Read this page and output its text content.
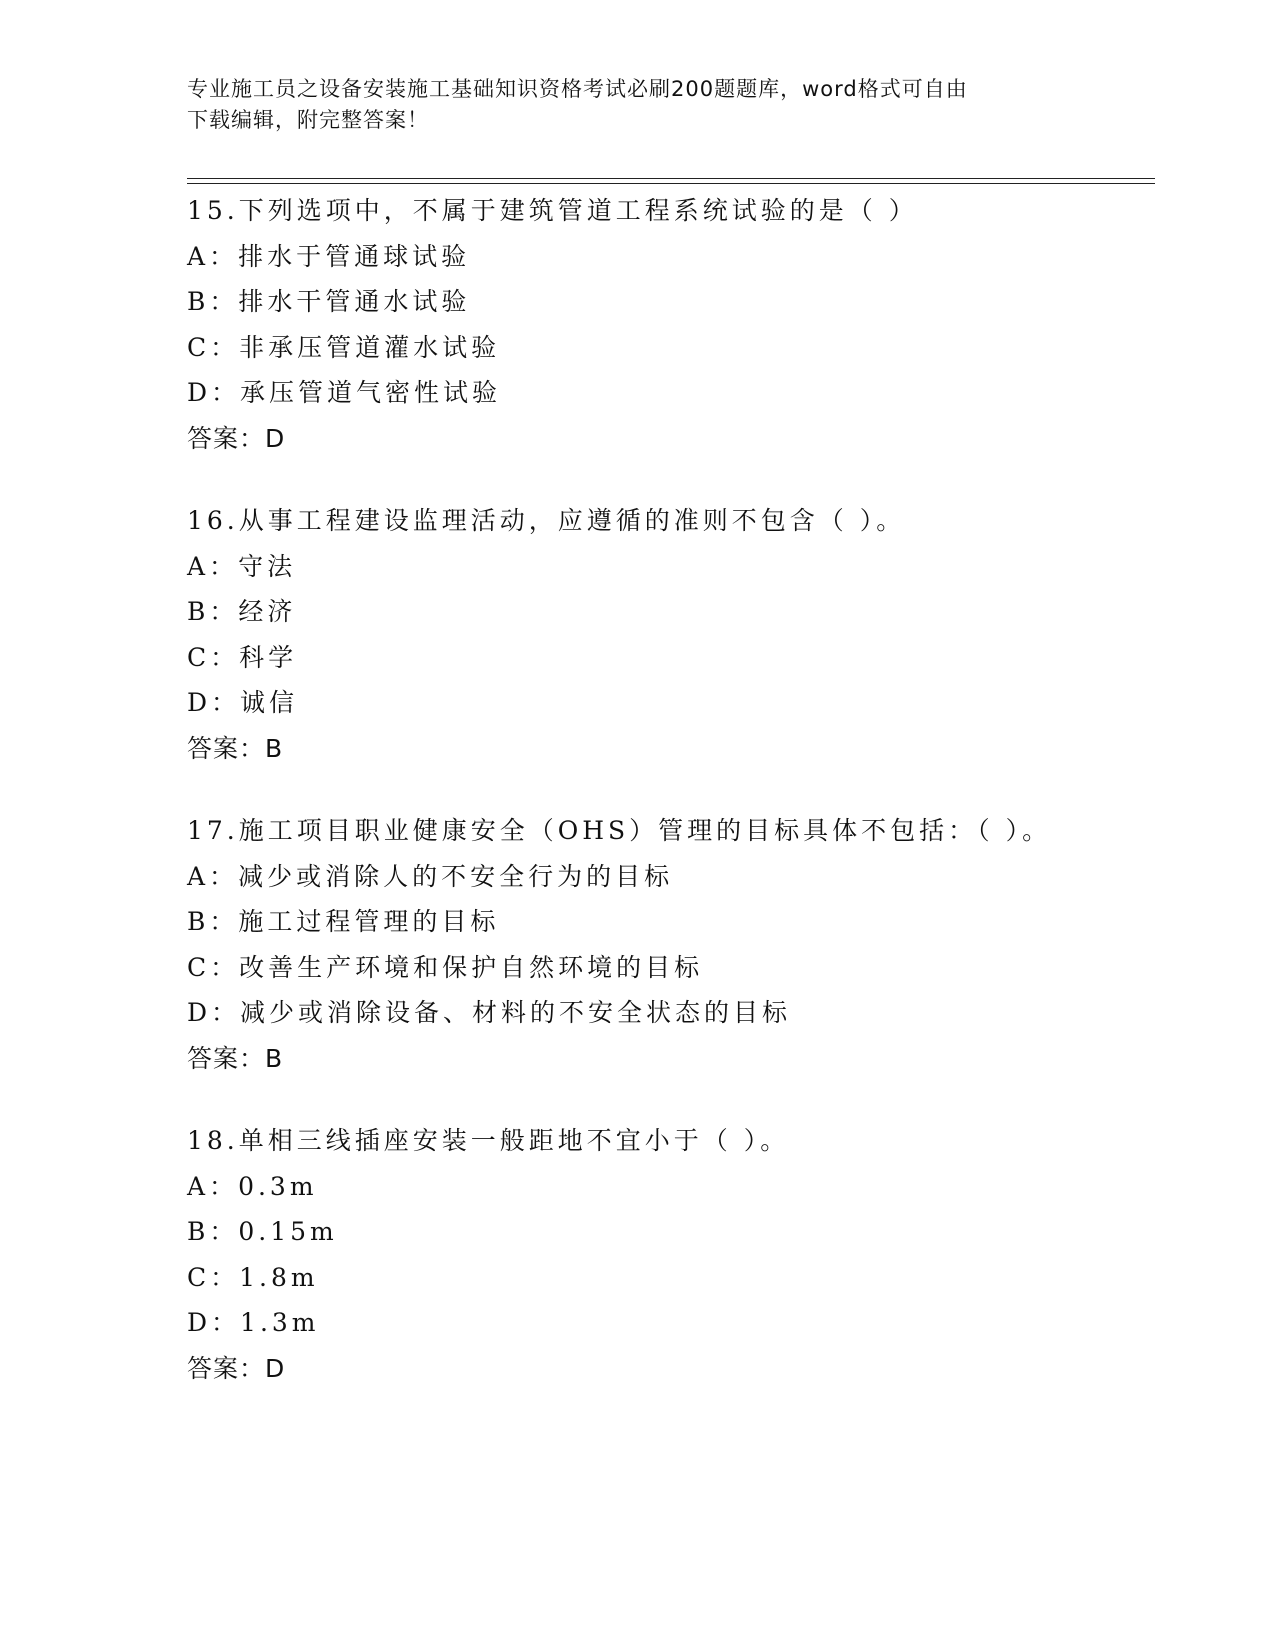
专业施工员之设备安装施工基础知识资格考试必刷200题题库，word格式可自由
下载编辑，附完整答案！
15.下列选项中，不属于建筑管道工程系统试验的是（ ）
A：排水于管通球试验
B：排水干管通水试验
C：非承压管道灌水试验
D：承压管道气密性试验
答案：D
16.从事工程建设监理活动，应遵循的准则不包含（ ）。
A：守法
B：经济
C：科学
D：诚信
答案：B
17.施工项目职业健康安全（OHS）管理的目标具体不包括：（ ）。
A：减少或消除人的不安全行为的目标
B：施工过程管理的目标
C：改善生产环境和保护自然环境的目标
D：减少或消除设备、材料的不安全状态的目标
答案：B
18.单相三线插座安装一般距地不宜小于（ ）。
A：0.3m
B：0.15m
C：1.8m
D：1.3m
答案：D
